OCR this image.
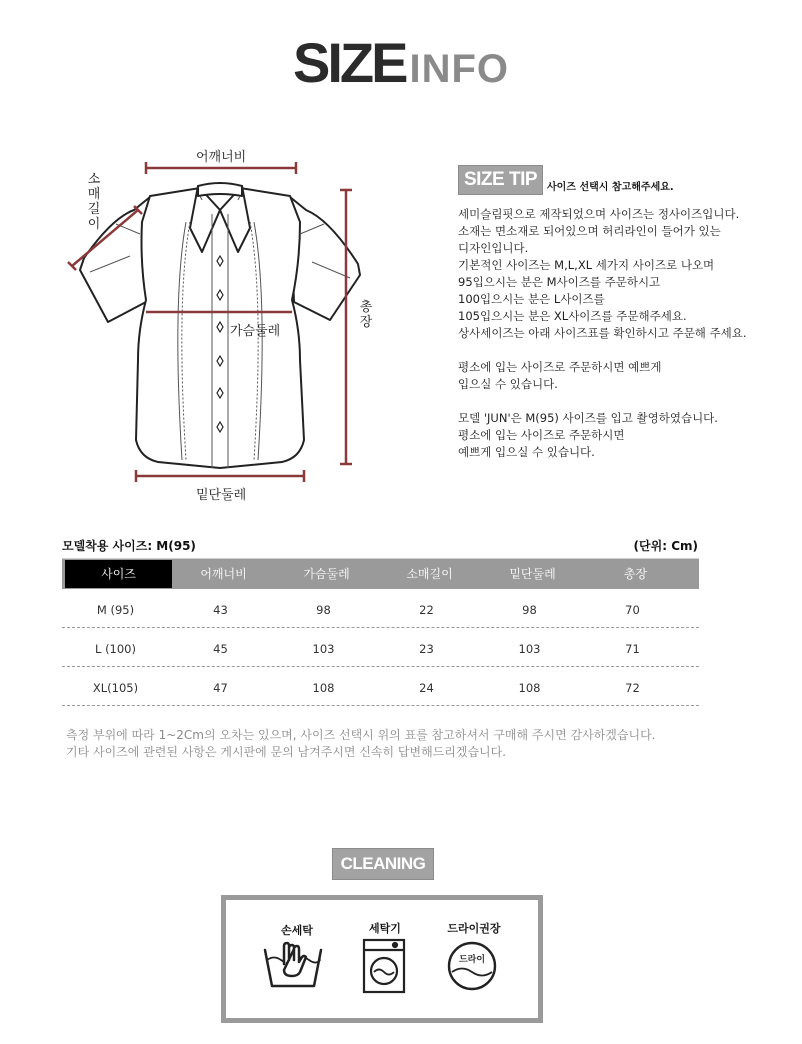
SIZE INFO
어깨너비
소매길이
총장
가슴둘레
밑단둘레
SIZE TIP 사이즈 선택시 참고해주세요.

세미슬림핏으로 제작되었으며 사이즈는 정사이즈입니다.

소재는 면소재로 되어있으며 허리라인이 들어가 있는

디자인입니다.

기본적인 사이즈는 M,L,XL 세가지 사이즈로 나오며

95입으시는 분은 M사이즈를 주문하시고

100입으시는 분은 L사이즈를

105입으시는 분은 XL사이즈를 주문해주세요.

상사세이즈는 아래 사이즈표를 확인하시고 주문해 주세요.

평소에 입는 사이즈로 주문하시면 예쁘게

입으실 수 있습니다.

모델 'JUN'은 M(95) 사이즈를 입고 촬영하였습니다.

평소에 입는 사이즈로 주문하시면

예쁘게 입으실 수 있습니다.

모델착용 사이즈: M(95)	(단위: Cm)
사이즈	어깨너비	가슴둘레	소매길이	밑단둘레	총장
M (95)	43	98	22	98	70
L (100)	45	103	23	103	71
XL(105)	47	108	24	108	72

측정 부위에 따라 1~2Cm의 오차는 있으며, 사이즈 선택시 위의 표를 참고하셔서 구매해 주시면 감사하겠습니다.

기타 사이즈에 관련된 사항은 게시판에 문의 남겨주시면 신속히 답변해드리겠습니다.

CLEANING
손세탁	세탁기	드라이권장
드라이
